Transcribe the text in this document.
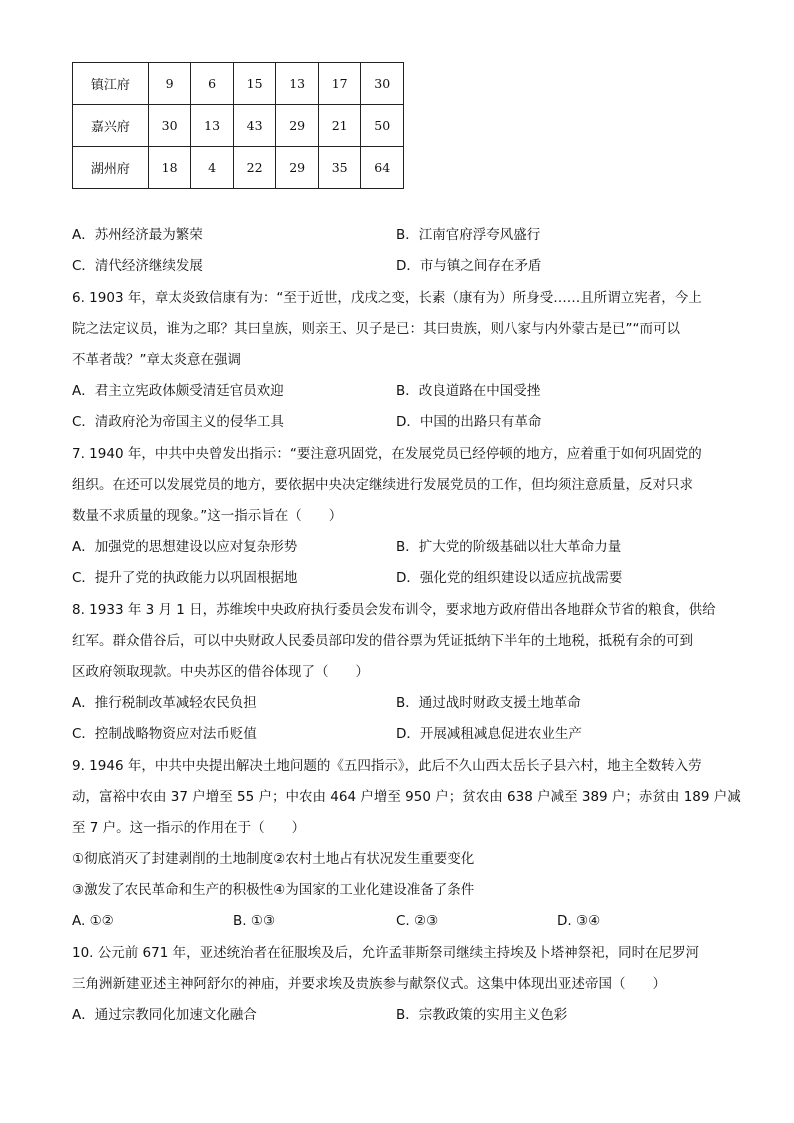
镇江府	9	6	15	13	17	30
嘉兴府	30	13	43	29	21	50
湖州府	18	4	22	29	35	64
A．苏州经济最为繁荣	B．江南官府浮夸风盛行
C．清代经济继续发展	D．市与镇之间存在矛盾
6. 1903 年，章太炎致信康有为：“至于近世，戊戌之变，长素（康有为）所身受……且所谓立宪者，今上
院之法定议员，谁为之耶？其曰皇族，则亲王、贝子是已：其曰贵族，则八家与内外蒙古是已”“而可以
不革者哉？”章太炎意在强调
A．君主立宪政体颇受清廷官员欢迎	B．改良道路在中国受挫
C．清政府沦为帝国主义的侵华工具	D．中国的出路只有革命
7. 1940 年，中共中央曾发出指示：“要注意巩固党，在发展党员已经停顿的地方，应着重于如何巩固党的
组织。在还可以发展党员的地方，要依据中央决定继续进行发展党员的工作，但均须注意质量，反对只求
数量不求质量的现象。”这一指示旨在（　　）
A．加强党的思想建设以应对复杂形势	B．扩大党的阶级基础以壮大革命力量
C．提升了党的执政能力以巩固根据地	D．强化党的组织建设以适应抗战需要
8. 1933 年 3 月 1 日，苏维埃中央政府执行委员会发布训令，要求地方政府借出各地群众节省的粮食，供给
红军。群众借谷后，可以中央财政人民委员部印发的借谷票为凭证抵纳下半年的土地税，抵税有余的可到
区政府领取现款。中央苏区的借谷体现了（　　）
A．推行税制改革减轻农民负担	B．通过战时财政支援土地革命
C．控制战略物资应对法币贬值	D．开展减租减息促进农业生产
9. 1946 年，中共中央提出解决土地问题的《五四指示》，此后不久山西太岳长子县六村，地主全数转入劳
动，富裕中农由 37 户增至 55 户；中农由 464 户增至 950 户；贫农由 638 户减至 389 户；赤贫由 189 户减
至 7 户。这一指示的作用在于（　　）
①彻底消灭了封建剥削的土地制度②农村土地占有状况发生重要变化
③激发了农民革命和生产的积极性④为国家的工业化建设准备了条件
A. ①②	B. ①③	C. ②③	D. ③④
10. 公元前 671 年，亚述统治者在征服埃及后，允许孟菲斯祭司继续主持埃及卜塔神祭祀，同时在尼罗河
三角洲新建亚述主神阿舒尔的神庙，并要求埃及贵族参与献祭仪式。这集中体现出亚述帝国（　　）
A．通过宗教同化加速文化融合	B．宗教政策的实用主义色彩
